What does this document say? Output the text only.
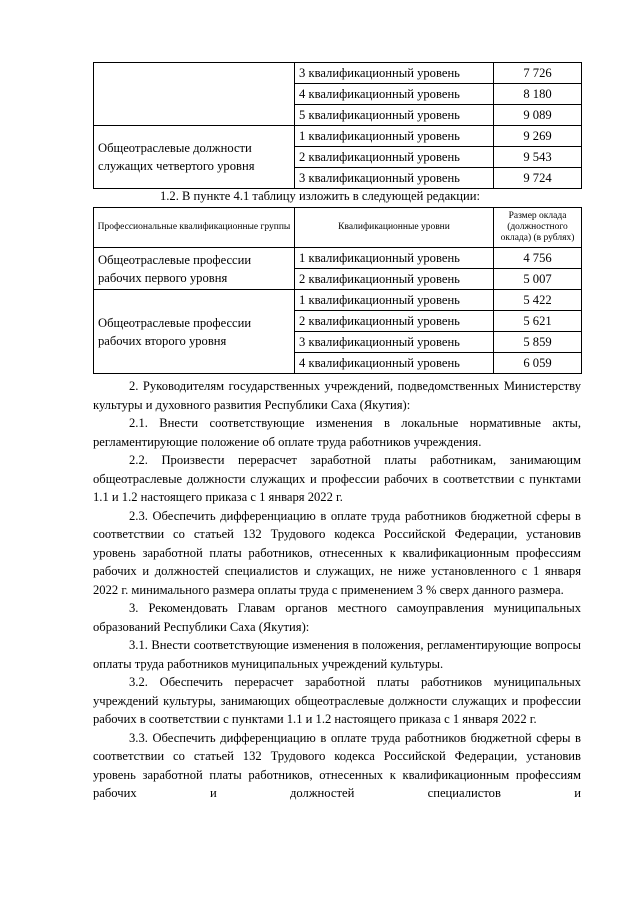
	3 квалификационный уровень	7 726
	4 квалификационный уровень	8 180
	5 квалификационный уровень	9 089
Общеотраслевые должности служащих четвертого уровня	1 квалификационный уровень	9 269
	2 квалификационный уровень	9 543
	3 квалификационный уровень	9 724
1.2. В пункте 4.1 таблицу изложить в следующей редакции:
Профессиональные квалификационные группы	Квалификационные уровни	Размер оклада (должностного оклада) (в рублях)
Общеотраслевые профессии рабочих первого уровня	1 квалификационный уровень	4 756
	2 квалификационный уровень	5 007
Общеотраслевые профессии рабочих второго уровня	1 квалификационный уровень	5 422
	2 квалификационный уровень	5 621
	3 квалификационный уровень	5 859
	4 квалификационный уровень	6 059

2. Руководителям государственных учреждений, подведомственных Министерству культуры и духовного развития Республики Саха (Якутия):

2.1. Внести соответствующие изменения в локальные нормативные акты, регламентирующие положение об оплате труда работников учреждения.

2.2. Произвести перерасчет заработной платы работникам, занимающим общеотраслевые должности служащих и профессии рабочих в соответствии с пунктами 1.1 и 1.2 настоящего приказа с 1 января 2022 г.

2.3. Обеспечить дифференциацию в оплате труда работников бюджетной сферы в соответствии со статьей 132 Трудового кодекса Российской Федерации, установив уровень заработной платы работников, отнесенных к квалификационным профессиям рабочих и должностей специалистов и служащих, не ниже установленного с 1 января 2022 г. минимального размера оплаты труда с применением 3 % сверх данного размера.

3. Рекомендовать Главам органов местного самоуправления муниципальных образований Республики Саха (Якутия):

3.1. Внести соответствующие изменения в положения, регламентирующие вопросы оплаты труда работников муниципальных учреждений культуры.

3.2. Обеспечить перерасчет заработной платы работников муниципальных учреждений культуры, занимающих общеотраслевые должности служащих и профессии рабочих в соответствии с пунктами 1.1 и 1.2 настоящего приказа с 1 января 2022 г.

3.3. Обеспечить дифференциацию в оплате труда работников бюджетной сферы в соответствии со статьей 132 Трудового кодекса Российской Федерации, установив уровень заработной платы работников, отнесенных к квалификационным профессиям рабочих и должностей специалистов и
